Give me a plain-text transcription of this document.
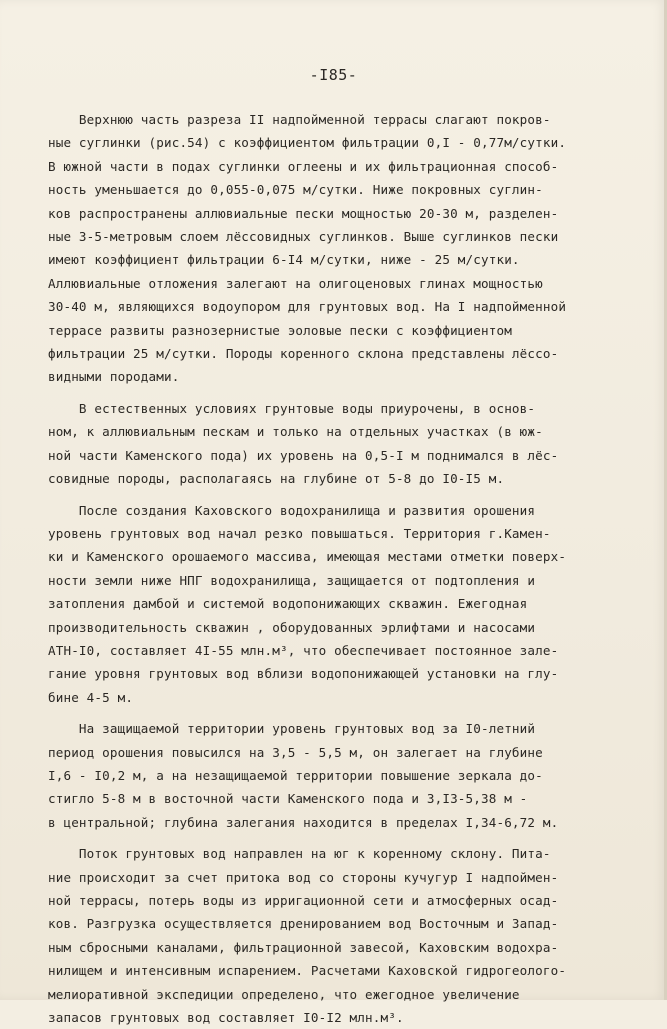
-I85-
Верхнюю часть разреза II надпойменной террасы слагают покров-
ные суглинки (рис.54) с коэффициентом фильтрации 0,I - 0,77м/сутки.
В южной части в подах суглинки оглеены и их фильтрационная способ-
ность уменьшается до 0,055-0,075 м/сутки. Ниже покровных суглин-
ков распространены аллювиальные пески мощностью 20-30 м, разделен-
ные 3-5-метровым слоем лёссовидных суглинков. Выше суглинков пески
имеют коэффициент фильтрации 6-I4 м/сутки, ниже - 25 м/сутки.
Аллювиальные отложения залегают на олигоценовых глинах мощностью
30-40 м, являющихся водоупором для грунтовых вод. На I надпойменной
террасе развиты разнозернистые эоловые пески с коэффициентом
фильтрации 25 м/сутки. Породы коренного склона представлены лёссо-
видными породами.
В естественных условиях грунтовые воды приурочены, в основ-
ном, к аллювиальным пескам и только на отдельных участках (в юж-
ной части Каменского пода) их уровень на 0,5-I м поднимался в лёс-
совидные породы, располагаясь на глубине от 5-8 до I0-I5 м.
После создания Каховского водохранилища и развития орошения
уровень грунтовых вод начал резко повышаться. Территория г.Камен-
ки и Каменского орошаемого массива, имеющая местами отметки поверх-
ности земли ниже НПГ водохранилища, защищается от подтопления и
затопления дамбой и системой водопонижающих скважин. Ежегодная
производительность скважин , оборудованных эрлифтами и насосами
АТН-I0, составляет 4I-55 млн.м³, что обеспечивает постоянное зале-
гание уровня грунтовых вод вблизи водопонижающей установки на глу-
бине 4-5 м.
На защищаемой территории уровень грунтовых вод за I0-летний
период орошения повысился на 3,5 - 5,5 м, он залегает на глубине
I,6 - I0,2 м, а на незащищаемой территории повышение зеркала до-
стигло 5-8 м в восточной части Каменского пода и 3,I3-5,38 м -
в центральной; глубина залегания находится в пределах I,34-6,72 м.
Поток грунтовых вод направлен на юг к коренному склону. Пита-
ние происходит за счет притока вод со стороны кучугур I надпоймен-
ной террасы, потерь воды из ирригационной сети и атмосферных осад-
ков. Разгрузка осуществляется дренированием вод Восточным и Запад-
ным сбросными каналами, фильтрационной завесой, Каховским водохра-
нилищем и интенсивным испарением. Расчетами Каховской гидрогеолого-
мелиоративной экспедиции определено, что ежегодное увеличение
запасов грунтовых вод составляет I0-I2 млн.м³.
